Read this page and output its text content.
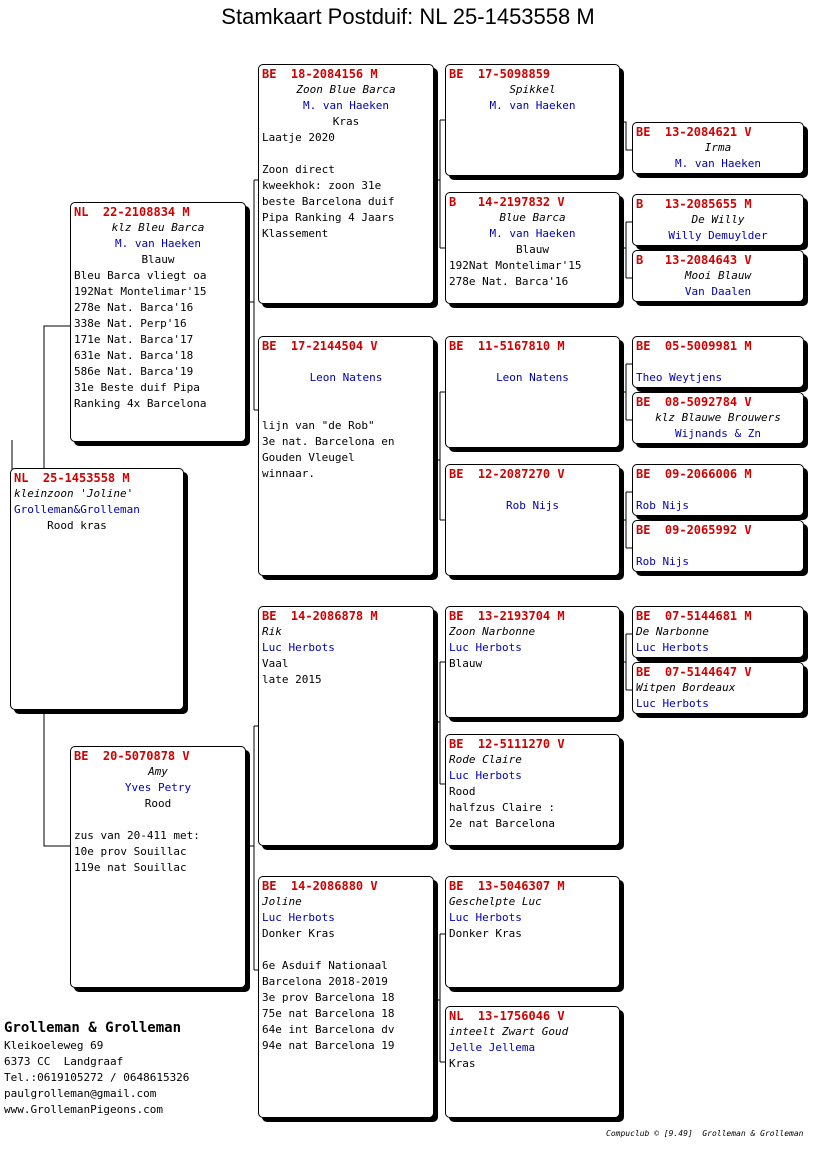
Stamkaart Postduif: NL 25-1453558 M
NL  25-1453558 M
kleinzoon 'Joline'
Grolleman&Grolleman
Rood kras
NL  22-2108834 M
klz Bleu Barca
M. van Haeken
Blauw
Bleu Barca vliegt oa
192Nat Montelimar'15
278e Nat. Barca'16
338e Nat. Perp'16
171e Nat. Barca'17
631e Nat. Barca'18
586e Nat. Barca'19
31e Beste duif Pipa
Ranking 4x Barcelona
BE  20-5070878 V
Amy
Yves Petry
Rood

zus van 20-411 met:
10e prov Souillac
119e nat Souillac
BE  18-2084156 M
Zoon Blue Barca
M. van Haeken
Kras
Laatje 2020

Zoon direct
kweekhok: zoon 31e
beste Barcelona duif
Pipa Ranking 4 Jaars
Klassement
BE  17-2144504 V

Leon Natens

lijn van "de Rob"
3e nat. Barcelona en
Gouden Vleugel
winnaar.
BE  14-2086878 M
Rik
Luc Herbots
Vaal
late 2015
BE  14-2086880 V
Joline
Luc Herbots
Donker Kras

6e Asduif Nationaal
Barcelona 2018-2019
3e prov Barcelona 18
75e nat Barcelona 18
64e int Barcelona dv
94e nat Barcelona 19
BE  17-5098859
Spikkel
M. van Haeken
B   14-2197832 V
Blue Barca
M. van Haeken
Blauw
192Nat Montelimar'15
278e Nat. Barca'16
BE  11-5167810 M

Leon Natens
BE  12-2087270 V

Rob Nijs
BE  13-2193704 M
Zoon Narbonne
Luc Herbots
Blauw
BE  12-5111270 V
Rode Claire
Luc Herbots
Rood
halfzus Claire :
2e nat Barcelona
BE  13-5046307 M
Geschelpte Luc
Luc Herbots
Donker Kras
NL  13-1756046 V
inteelt Zwart Goud
Jelle Jellema
Kras
BE  13-2084621 V
Irma
M. van Haeken
B   13-2085655 M
De Willy
Willy Demuylder
B   13-2084643 V
Mooi Blauw
Van Daalen
BE  05-5009981 M

Theo Weytjens
BE  08-5092784 V
klz Blauwe Brouwers
Wijnands & Zn
BE  09-2066006 M

Rob Nijs
BE  09-2065992 V

Rob Nijs
BE  07-5144681 M
De Narbonne
Luc Herbots
BE  07-5144647 V
Witpen Bordeaux
Luc Herbots
Grolleman & Grolleman
Kleikoeleweg 69
6373 CC  Landgraaf
Tel.:0619105272 / 0648615326
paulgrolleman@gmail.com
www.GrollemanPigeons.com
Compuclub © [9.49]  Grolleman & Grolleman
